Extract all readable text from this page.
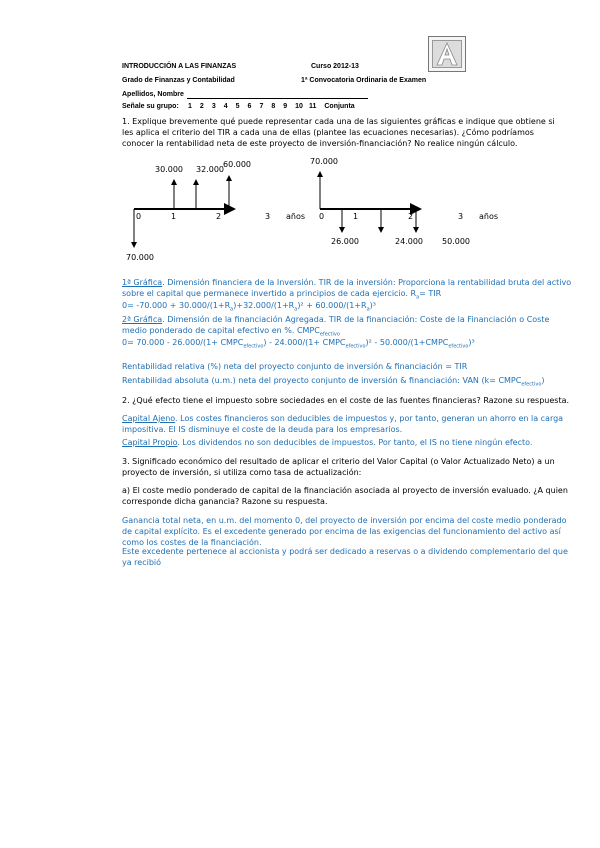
INTRODUCCIÓN A LAS FINANZAS	Curso 2012-13
Grado de Finanzas y Contabilidad	1ª Convocatoria Ordinaria de Examen
Apellidos, Nombre
Señale su grupo: 1 2 3 4 5 6 7 8 9 10 11 Conjunta
1. Explique brevemente qué puede representar cada una de las siguientes gráficas e indique que obtiene si les aplica el criterio del TIR a cada una de ellas (plantee las ecuaciones necesarias). ¿Cómo podríamos conocer la rentabilidad neta de este proyecto de inversión-financiación? No realice ningún cálculo.
30.000 32.000
60.000
0	1	2	3 años
70.000
70.000
0	1	2	3 años
26.000	24.000 50.000
1ª Gráfica. Dimensión financiera de la Inversión. TIR de la inversión: Proporciona la rentabilidad bruta del activo sobre el capital que permanece invertido a principios de cada ejercicio. $R_a=$ TIR
$0= -70.000 + 30.000/(1+R_a)+32.000/(1+R_a)^2 + 60.000/(1+R_a)^3$
2ª Gráfica. Dimensión de la financiación Agregada. TIR de la financiación: Coste de la Financiación o Coste medio ponderado de capital efectivo en %. $CMPC_{efectivo}$
$0= 70.000 - 26.000/(1+ CMPC_{efectivo}) - 24.000/(1+$ $CMPC_{efectivo})^2$ - $50.000/(1+CMPC_{efectivo})^3$
Rentabilidad relativa (%) neta del proyecto conjunto de inversión & financiación = TIR
Rentabilidad absoluta (u.m.) neta del proyecto conjunto de inversión & financiación: VAN $(k= CMPC_{efectivo})$
2. ¿Qué efecto tiene el impuesto sobre sociedades en el coste de las fuentes financieras? Razone su respuesta.
Capital Ajeno. Los costes financieros son deducibles de impuestos y, por tanto, generan un ahorro en la carga impositiva. El IS disminuye el coste de la deuda para los empresarios.
Capital Propio. Los dividendos no son deducibles de impuestos. Por tanto, el IS no tiene ningún efecto.
3. Significado económico del resultado de aplicar el criterio del Valor Capital (o Valor Actualizado Neto) a un proyecto de inversión, si utiliza como tasa de actualización:
a) El coste medio ponderado de capital de la financiación asociada al proyecto de inversión evaluado. ¿A quien corresponde dicha ganancia? Razone su respuesta.
Ganancia total neta, en u.m. del momento 0, del proyecto de inversión por encima del coste medio ponderado de capital explícito. Es el excedente generado por encima de las exigencias del funcionamiento del activo así como los costes de la financiación.
Este excedente pertenece al accionista y podrá ser dedicado a reservas o a dividendo complementario del que ya recibió
